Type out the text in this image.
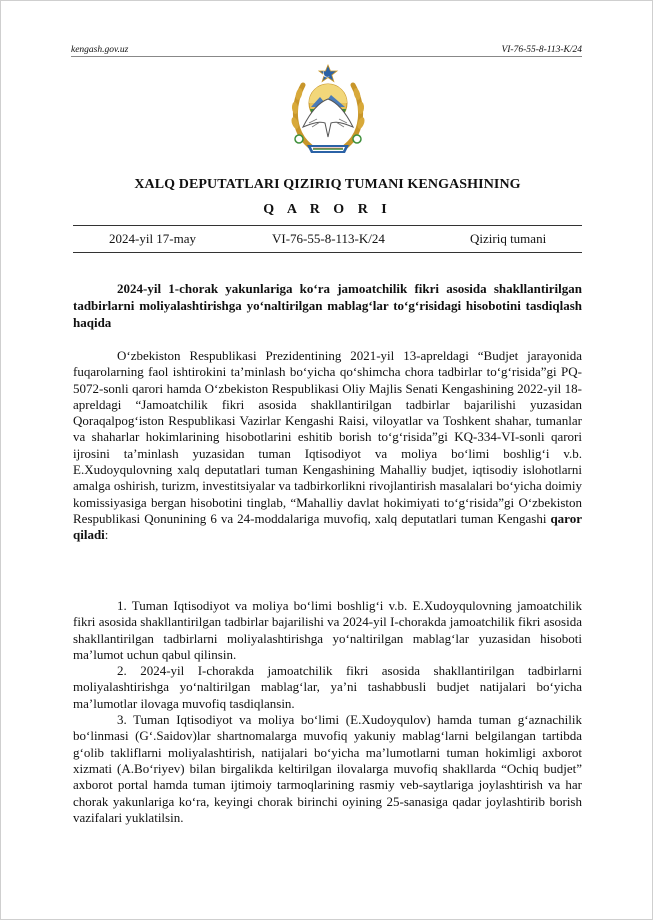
kengash.gov.uz	VI-76-55-8-113-K/24
XALQ DEPUTATLARI QIZIRIQ TUMANI KENGASHINING
Q A R O R I
2024-yil 17-may	VI-76-55-8-113-K/24	Qiziriq tumani
2024-yil 1-chorak yakunlariga ko‘ra jamoatchilik fikri asosida shakllantirilgan tadbirlarni moliyalashtirishga yo‘naltirilgan mablag‘lar to‘g‘risidagi hisobotini tasdiqlash haqida

O‘zbekiston Respublikasi Prezidentining 2021-yil 13-apreldagi “Budjet jarayonida fuqarolarning faol ishtirokini ta’minlash bo‘yicha qo‘shimcha chora tadbirlar to‘g‘risida”gi PQ-5072-sonli qarori hamda O‘zbekiston Respublikasi Oliy Majlis Senati Kengashining 2022-yil 18-apreldagi “Jamoatchilik fikri asosida shakllantirilgan tadbirlar bajarilishi yuzasidan Qoraqalpog‘iston Respublikasi Vazirlar Kengashi Raisi, viloyatlar va Toshkent shahar, tumanlar va shaharlar hokimlarining hisobotlarini eshitib borish to‘g‘risida”gi KQ-334-VI-sonli qarori ijrosini ta’minlash yuzasidan tuman Iqtisodiyot va moliya bo‘limi boshlig‘i v.b. E.Xudoyqulovning xalq deputatlari tuman Kengashining Mahalliy budjet, iqtisodiy islohotlarni amalga oshirish, turizm, investitsiyalar va tadbirkorlikni rivojlantirish masalalari bo‘yicha doimiy komissiyasiga bergan hisobotini tinglab, “Mahalliy davlat hokimiyati to‘g‘risida”gi O‘zbekiston Respublikasi Qonunining 6 va 24-moddalariga muvofiq, xalq deputatlari tuman Kengashi qaror qiladi:

1. Tuman Iqtisodiyot va moliya bo‘limi boshlig‘i v.b. E.Xudoyqulovning jamoatchilik fikri asosida shakllantirilgan tadbirlar bajarilishi va 2024-yil I-chorakda jamoatchilik fikri asosida shakllantirilgan tadbirlarni moliyalashtirishga yo‘naltirilgan mablag‘lar yuzasidan hisoboti ma’lumot uchun qabul qilinsin.

2. 2024-yil I-chorakda jamoatchilik fikri asosida shakllantirilgan tadbirlarni moliyalashtirishga yo‘naltirilgan mablag‘lar, ya’ni tashabbusli budjet natijalari bo‘yicha ma’lumotlar ilovaga muvofiq tasdiqlansin.

3. Tuman Iqtisodiyot va moliya bo‘limi (E.Xudoyqulov) hamda tuman g‘aznachilik bo‘linmasi (G‘.Saidov)lar shartnomalarga muvofiq yakuniy mablag‘larni belgilangan tartibda g‘olib takliflarni moliyalashtirish, natijalari bo‘yicha ma’lumotlarni tuman hokimligi axborot xizmati (A.Bo‘riyev) bilan birgalikda keltirilgan ilovalarga muvofiq shakllarda “Ochiq budjet” axborot portal hamda tuman ijtimoiy tarmoqlarining rasmiy veb-saytlariga joylashtirish va har chorak yakunlariga ko‘ra, keyingi chorak birinchi oyining 25-sanasiga qadar joylashtirib borish vazifalari yuklatilsin.
